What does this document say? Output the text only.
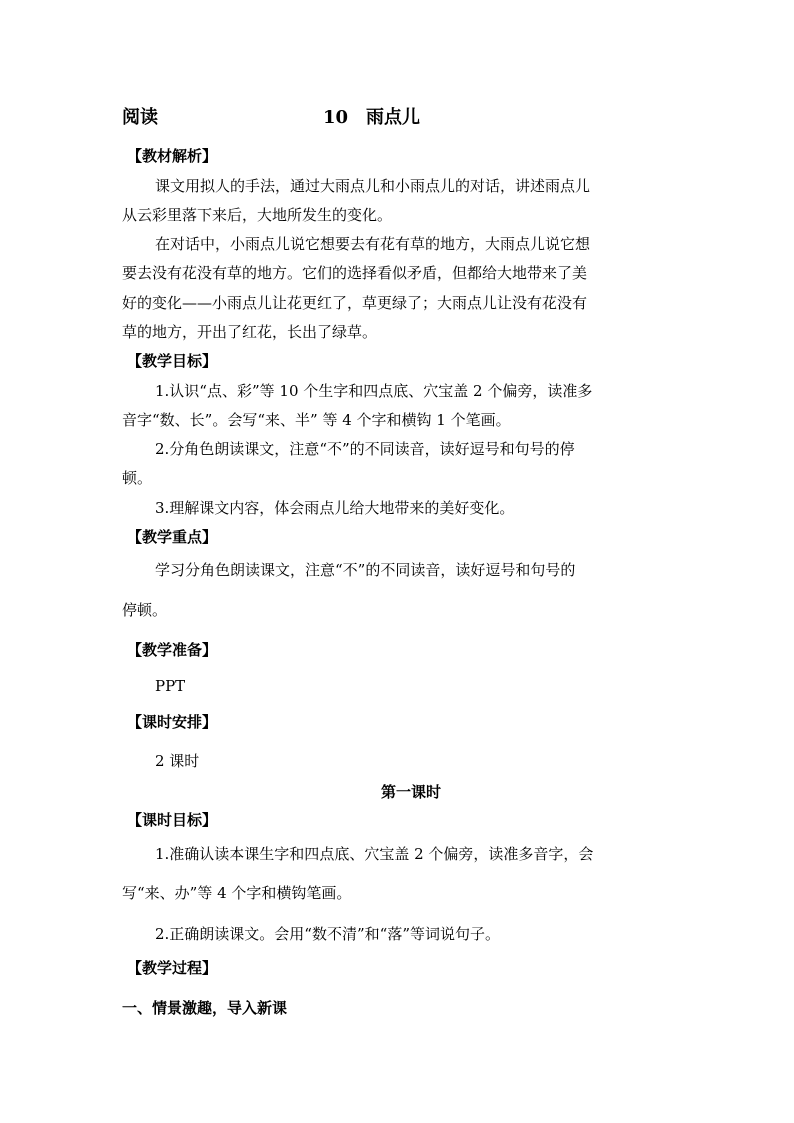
阅读	10 雨点儿
【教材解析】
课文用拟人的手法，通过大雨点儿和小雨点儿的对话，讲述雨点儿
从云彩里落下来后，大地所发生的变化。
在对话中，小雨点儿说它想要去有花有草的地方，大雨点儿说它想
要去没有花没有草的地方。它们的选择看似矛盾，但都给大地带来了美
好的变化——小雨点儿让花更红了，草更绿了；大雨点儿让没有花没有
草的地方，开出了红花，长出了绿草。
【教学目标】
1.认识“点、彩”等 10 个生字和四点底、穴宝盖 2 个偏旁，读准多
音字“数、长”。会写“来、半” 等 4 个字和横钩 1 个笔画。
2.分角色朗读课文，注意“不”的不同读音，读好逗号和句号的停
顿。
3.理解课文内容，体会雨点儿给大地带来的美好变化。
【教学重点】
学习分角色朗读课文，注意“不”的不同读音，读好逗号和句号的
停顿。
【教学准备】
PPT
【课时安排】
2 课时
第一课时
【课时目标】
1.准确认读本课生字和四点底、穴宝盖 2 个偏旁，读准多音字，会
写“来、办”等 4 个字和横钩笔画。
2.正确朗读课文。会用“数不清”和“落”等词说句子。
【教学过程】
一、情景激趣，导入新课
